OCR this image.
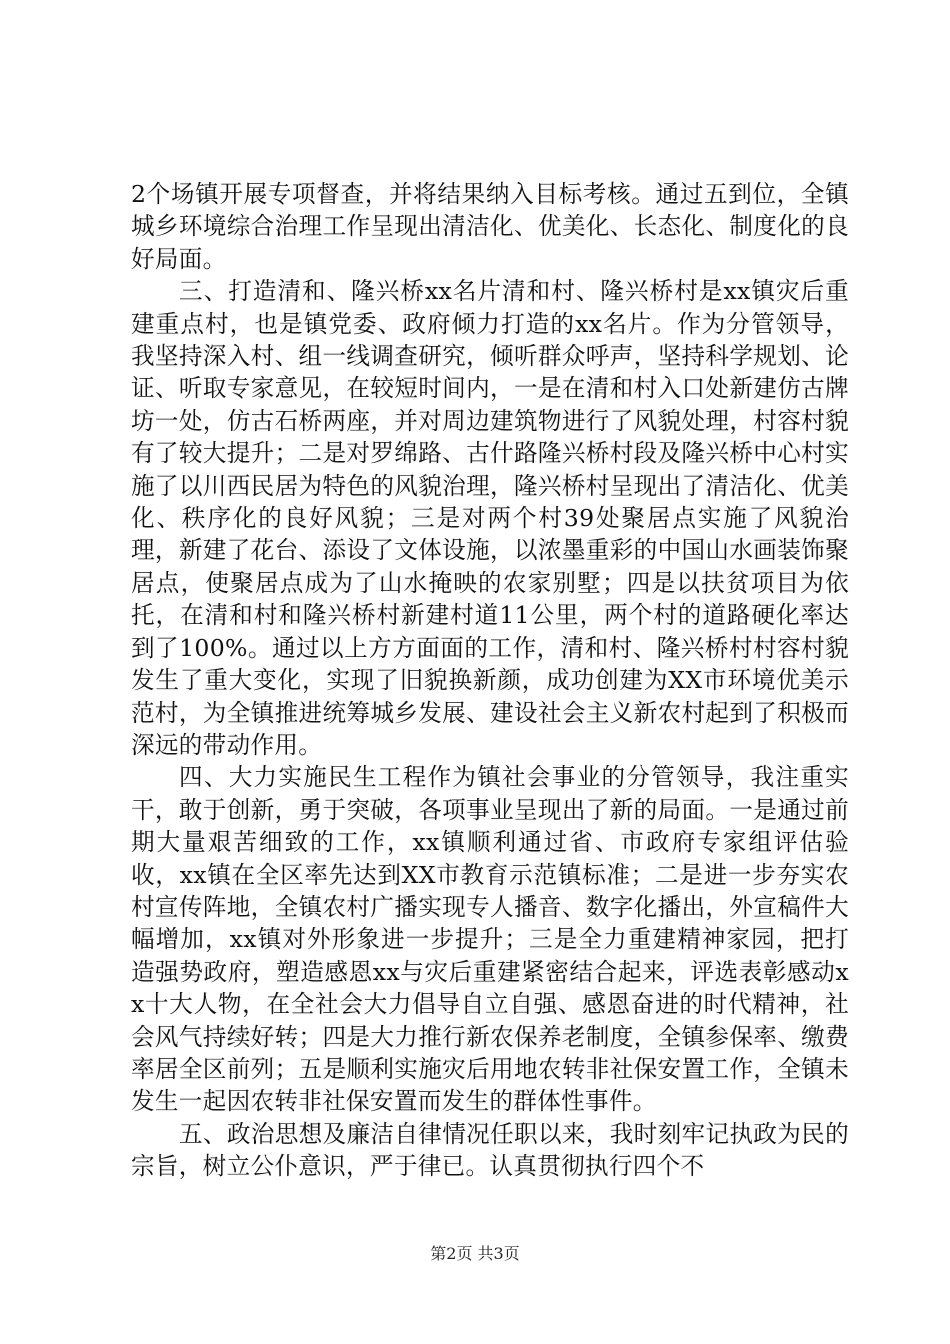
2个场镇开展专项督查，并将结果纳入目标考核。通过五到位，全镇城乡环境综合治理工作呈现出清洁化、优美化、长态化、制度化的良好局面。

三、打造清和、隆兴桥xx名片清和村、隆兴桥村是xx镇灾后重建重点村，也是镇党委、政府倾力打造的xx名片。作为分管领导，我坚持深入村、组一线调查研究，倾听群众呼声，坚持科学规划、论证、听取专家意见，在较短时间内，一是在清和村入口处新建仿古牌坊一处，仿古石桥两座，并对周边建筑物进行了风貌处理，村容村貌有了较大提升；二是对罗绵路、古什路隆兴桥村段及隆兴桥中心村实施了以川西民居为特色的风貌治理，隆兴桥村呈现出了清洁化、优美化、秩序化的良好风貌；三是对两个村39处聚居点实施了风貌治理，新建了花台、添设了文体设施，以浓墨重彩的中国山水画装饰聚居点，使聚居点成为了山水掩映的农家别墅；四是以扶贫项目为依托，在清和村和隆兴桥村新建村道11公里，两个村的道路硬化率达到了100%。通过以上方方面面的工作，清和村、隆兴桥村村容村貌发生了重大变化，实现了旧貌换新颜，成功创建为XX市环境优美示范村，为全镇推进统筹城乡发展、建设社会主义新农村起到了积极而深远的带动作用。

四、大力实施民生工程作为镇社会事业的分管领导，我注重实干，敢于创新，勇于突破，各项事业呈现出了新的局面。一是通过前期大量艰苦细致的工作，xx镇顺利通过省、市政府专家组评估验收，xx镇在全区率先达到XX市教育示范镇标准；二是进一步夯实农村宣传阵地，全镇农村广播实现专人播音、数字化播出，外宣稿件大幅增加，xx镇对外形象进一步提升；三是全力重建精神家园，把打造强势政府，塑造感恩xx与灾后重建紧密结合起来，评选表彰感动xx十大人物，在全社会大力倡导自立自强、感恩奋进的时代精神，社会风气持续好转；四是大力推行新农保养老制度，全镇参保率、缴费率居全区前列；五是顺利实施灾后用地农转非社保安置工作，全镇未发生一起因农转非社保安置而发生的群体性事件。

五、政治思想及廉洁自律情况任职以来，我时刻牢记执政为民的宗旨，树立公仆意识，严于律已。认真贯彻执行四个不

第2页 共3页
